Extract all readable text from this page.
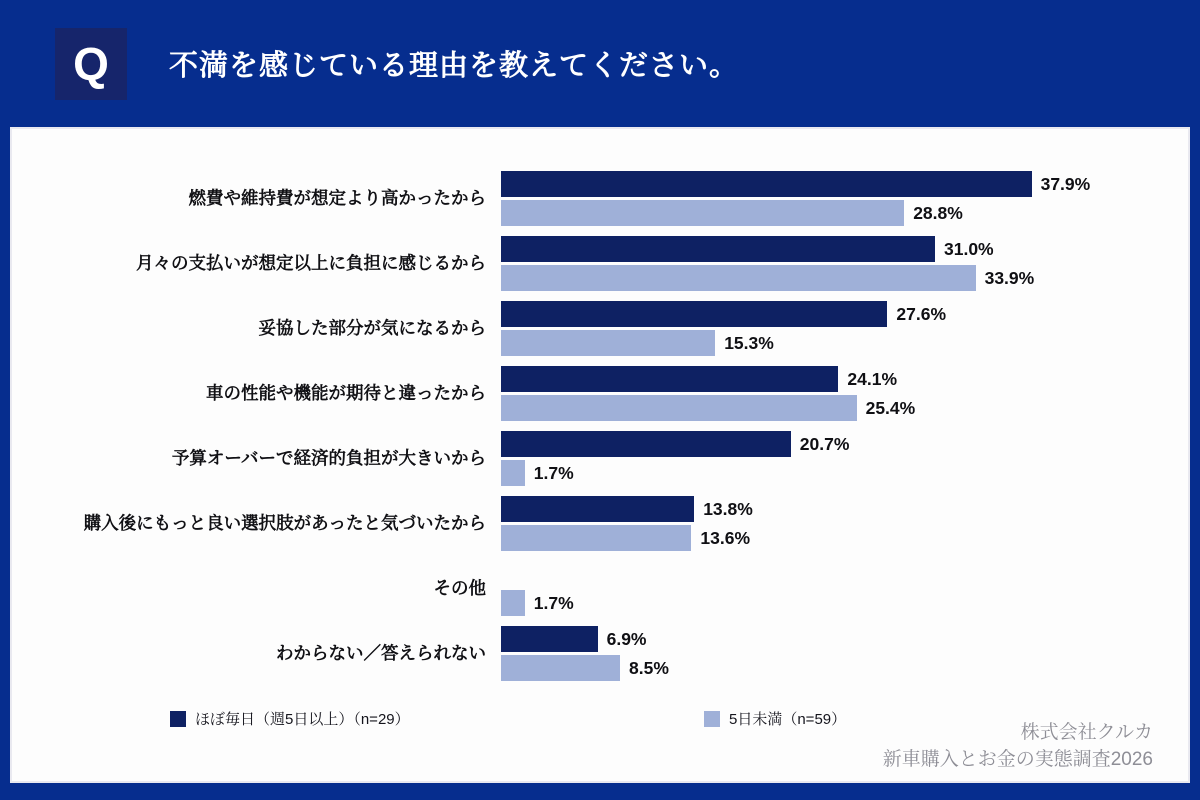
Q 不満を感じている理由を教えてください。
燃費や維持費が想定より高かったから
37.9%
28.8%
月々の支払いが想定以上に負担に感じるから
31.0%
33.9%
妥協した部分が気になるから
27.6%
15.3%
車の性能や機能が期待と違ったから
24.1%
25.4%
予算オーバーで経済的負担が大きいから
20.7%
1.7%
購入後にもっと良い選択肢があったと気づいたから
13.8%
13.6%
その他
1.7%
わからない／答えられない
6.9%
8.5%
ほぼ毎日（週5日以上）（n=29）	5日未満（n=59）
株式会社クルカ
新車購入とお金の実態調査2026
